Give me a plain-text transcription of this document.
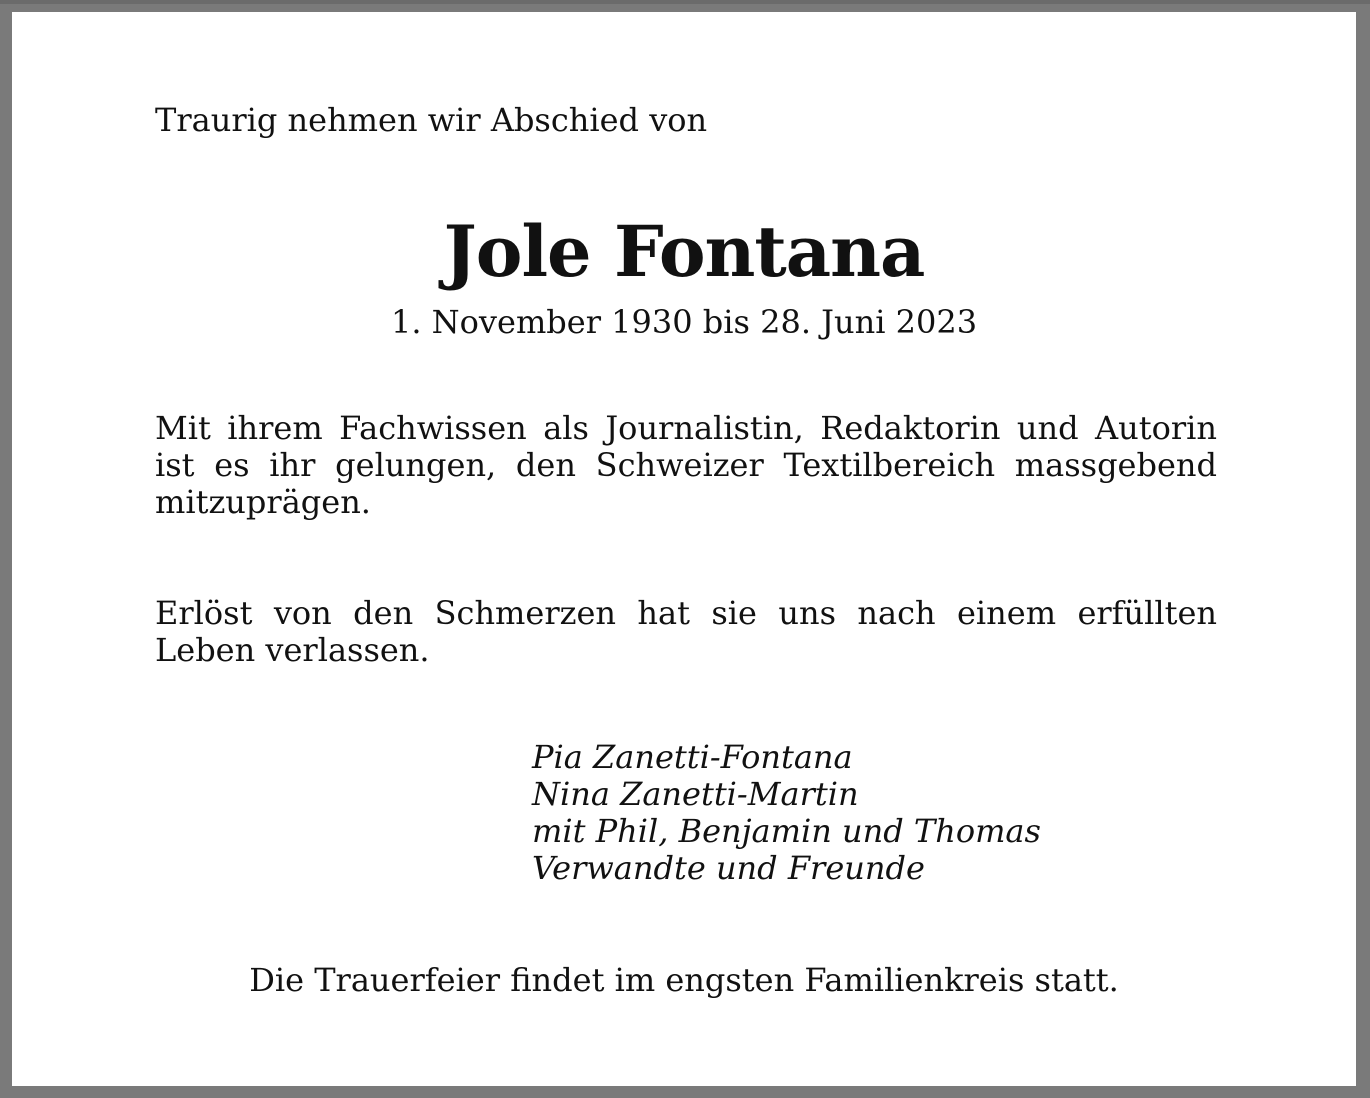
Traurig nehmen wir Abschied von

Jole Fontana

1. November 1930 bis 28. Juni 2023

Mit ihrem Fachwissen als Journalistin, Redaktorin und Autorin ist es ihr gelungen, den Schweizer Textilbereich massgebend mitzuprägen.

Erlöst von den Schmerzen hat sie uns nach einem erfüllten Leben verlassen.

Pia Zanetti-Fontana
Nina Zanetti-Martin
mit Phil, Benjamin und Thomas
Verwandte und Freunde

Die Trauerfeier findet im engsten Familienkreis statt.
